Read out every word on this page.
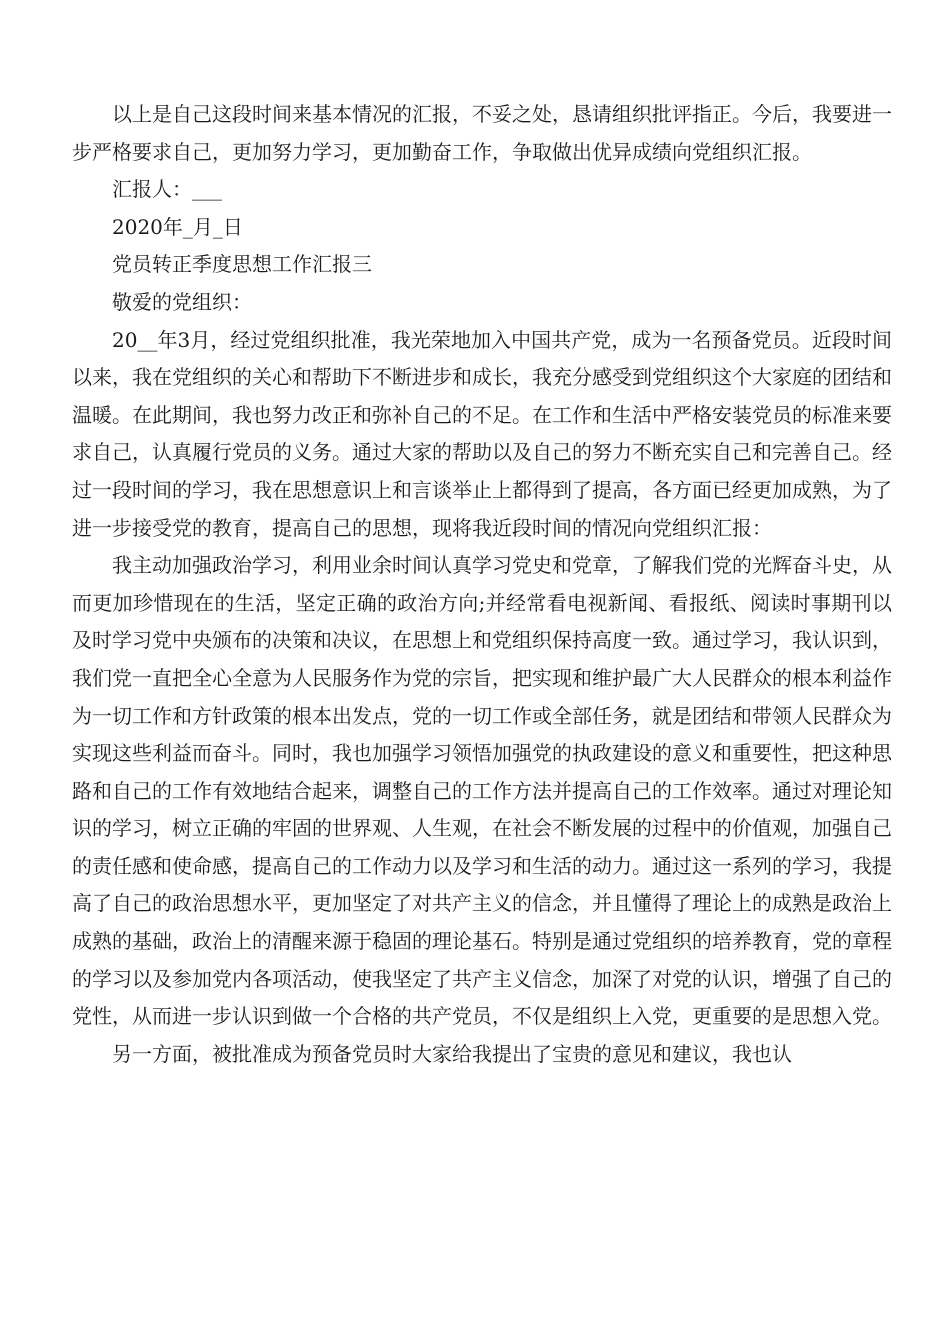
以上是自己这段时间来基本情况的汇报，不妥之处，恳请组织批评指正。今后，我要进一步严格要求自己，更加努力学习，更加勤奋工作，争取做出优异成绩向党组织汇报。

汇报人：___

2020年_月_日

党员转正季度思想工作汇报三

敬爱的党组织：

20__年3月，经过党组织批准，我光荣地加入中国共产党，成为一名预备党员。近段时间以来，我在党组织的关心和帮助下不断进步和成长，我充分感受到党组织这个大家庭的团结和温暖。在此期间，我也努力改正和弥补自己的不足。在工作和生活中严格安装党员的标准来要求自己，认真履行党员的义务。通过大家的帮助以及自己的努力不断充实自己和完善自己。经过一段时间的学习，我在思想意识上和言谈举止上都得到了提高，各方面已经更加成熟，为了进一步接受党的教育，提高自己的思想，现将我近段时间的情况向党组织汇报：

我主动加强政治学习，利用业余时间认真学习党史和党章，了解我们党的光辉奋斗史，从而更加珍惜现在的生活，坚定正确的政治方向;并经常看电视新闻、看报纸、阅读时事期刊以及时学习党中央颁布的决策和决议，在思想上和党组织保持高度一致。通过学习，我认识到，我们党一直把全心全意为人民服务作为党的宗旨，把实现和维护最广大人民群众的根本利益作为一切工作和方针政策的根本出发点，党的一切工作或全部任务，就是团结和带领人民群众为实现这些利益而奋斗。同时，我也加强学习领悟加强党的执政建设的意义和重要性，把这种思路和自己的工作有效地结合起来，调整自己的工作方法并提高自己的工作效率。通过对理论知识的学习，树立正确的牢固的世界观、人生观，在社会不断发展的过程中的价值观，加强自己的责任感和使命感，提高自己的工作动力以及学习和生活的动力。通过这一系列的学习，我提高了自己的政治思想水平，更加坚定了对共产主义的信念，并且懂得了理论上的成熟是政治上成熟的基础，政治上的清醒来源于稳固的理论基石。特别是通过党组织的培养教育，党的章程的学习以及参加党内各项活动，使我坚定了共产主义信念，加深了对党的认识，增强了自己的党性，从而进一步认识到做一个合格的共产党员，不仅是组织上入党，更重要的是思想入党。

另一方面，被批准成为预备党员时大家给我提出了宝贵的意见和建议，我也认
